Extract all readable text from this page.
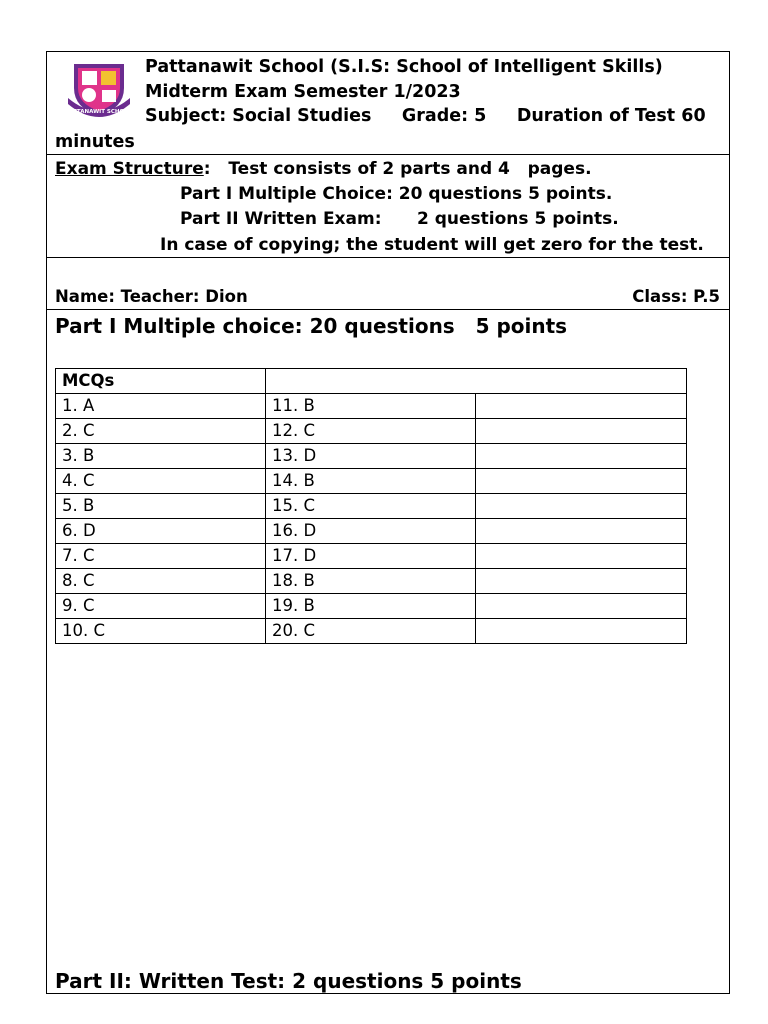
PATTANAWIT SCHOOL
Pattanawit School (S.I.S: School of Intelligent Skills)
Midterm Exam Semester 1/2023
Subject: Social Studies     Grade: 5     Duration of Test 60
minutes
Exam Structure:   Test consists of 2 parts and 4   pages.
Part I Multiple Choice: 20 questions 5 points.
Part II Written Exam:      2 questions 5 points.
In case of copying; the student will get zero for the test.
Name: Teacher: Dion	Class: P.5
Part I Multiple choice: 20 questions   5 points
MCQs		
1. A	11. B	
2. C	12. C	
3. B	13. D	
4. C	14. B	
5. B	15. C	
6. D	16. D	
7. C	17. D	
8. C	18. B	
9. C	19. B	
10. C	20. C	
Part II: Written Test: 2 questions 5 points
